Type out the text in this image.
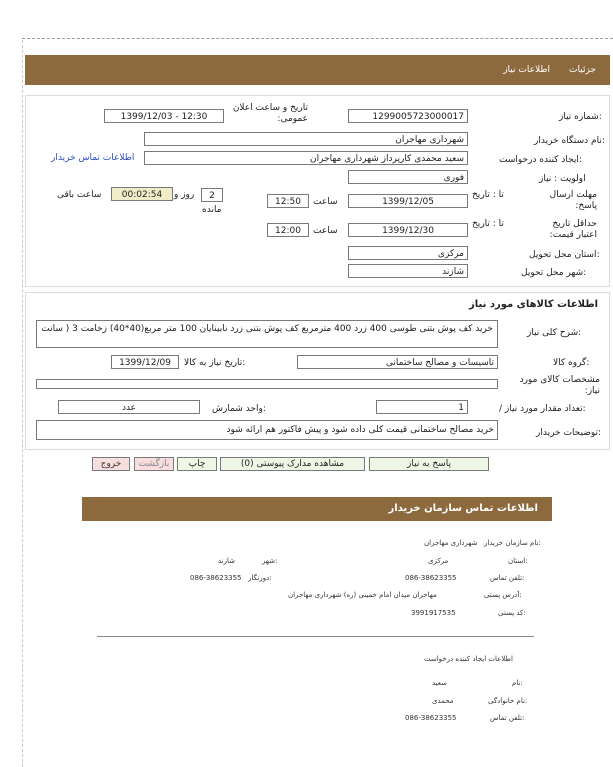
جزئیات
اطلاعات نیاز
شماره نیاز:
1299005723000017
تاریخ و ساعت اعلان عمومی:
1399/12/03 - 12:30
نام دستگاه خریدار:
شهرداری مهاجران
ایجاد کننده درخواست:
سعید محمدی کارپرداز شهرداری مهاجران
اطلاعات تماس خریدار
اولویت : نیاز
فوری
مهلت ارسال پاسخ:
تا : تاریخ
1399/12/05
ساعت
12:50
2
روز و
مانده
00:02:54
ساعت باقی
حداقل تاریخ اعتبار قیمت:
تا : تاریخ
1399/12/30
ساعت
12:00
استان محل تحویل:
مرکزی
شهر محل تحویل:
شازند
اطلاعات کالاهای مورد نیاز
شرح کلی نیاز:
خرید کف پوش بتنی طوسی 400 زرد 400 مترمربع کف پوش بتنی زرد نابینایان 100 متر مربع(40*40) زخامت 3 ( سانت
گروه کالا:
تاسیسات و مصالح ساختمانی
تاریخ نیاز به کالا:
1399/12/09
مشخصات کالای مورد نیاز:
/ تعداد مقدار مورد نیاز:
1
واحد شمارش:
عدد
توضیحات خریدار:
خرید مصالح ساختمانی قیمت کلی داده شود و پیش فاکتور هم ارائه شود
پاسخ به نیاز
مشاهده مدارک پیوستی (0)
چاپ
بازگشت
خروج
اطلاعات تماس سازمان خریدار
نام سازمان خریدار:
شهرداری مهاجران
استان:
مرکزی
شهر:
شازند
تلفن تماس:
086-38623355
دورنگار:
086-38623355
آدرس پستی:
مهاجران میدان امام خمینی (ره) شهرداری مهاجران
کد پستی:
3991917535
اطلاعات ایجاد کننده درخواست
نام:
سعید
نام خانوادگی:
محمدی
تلفن تماس:
086-38623355
